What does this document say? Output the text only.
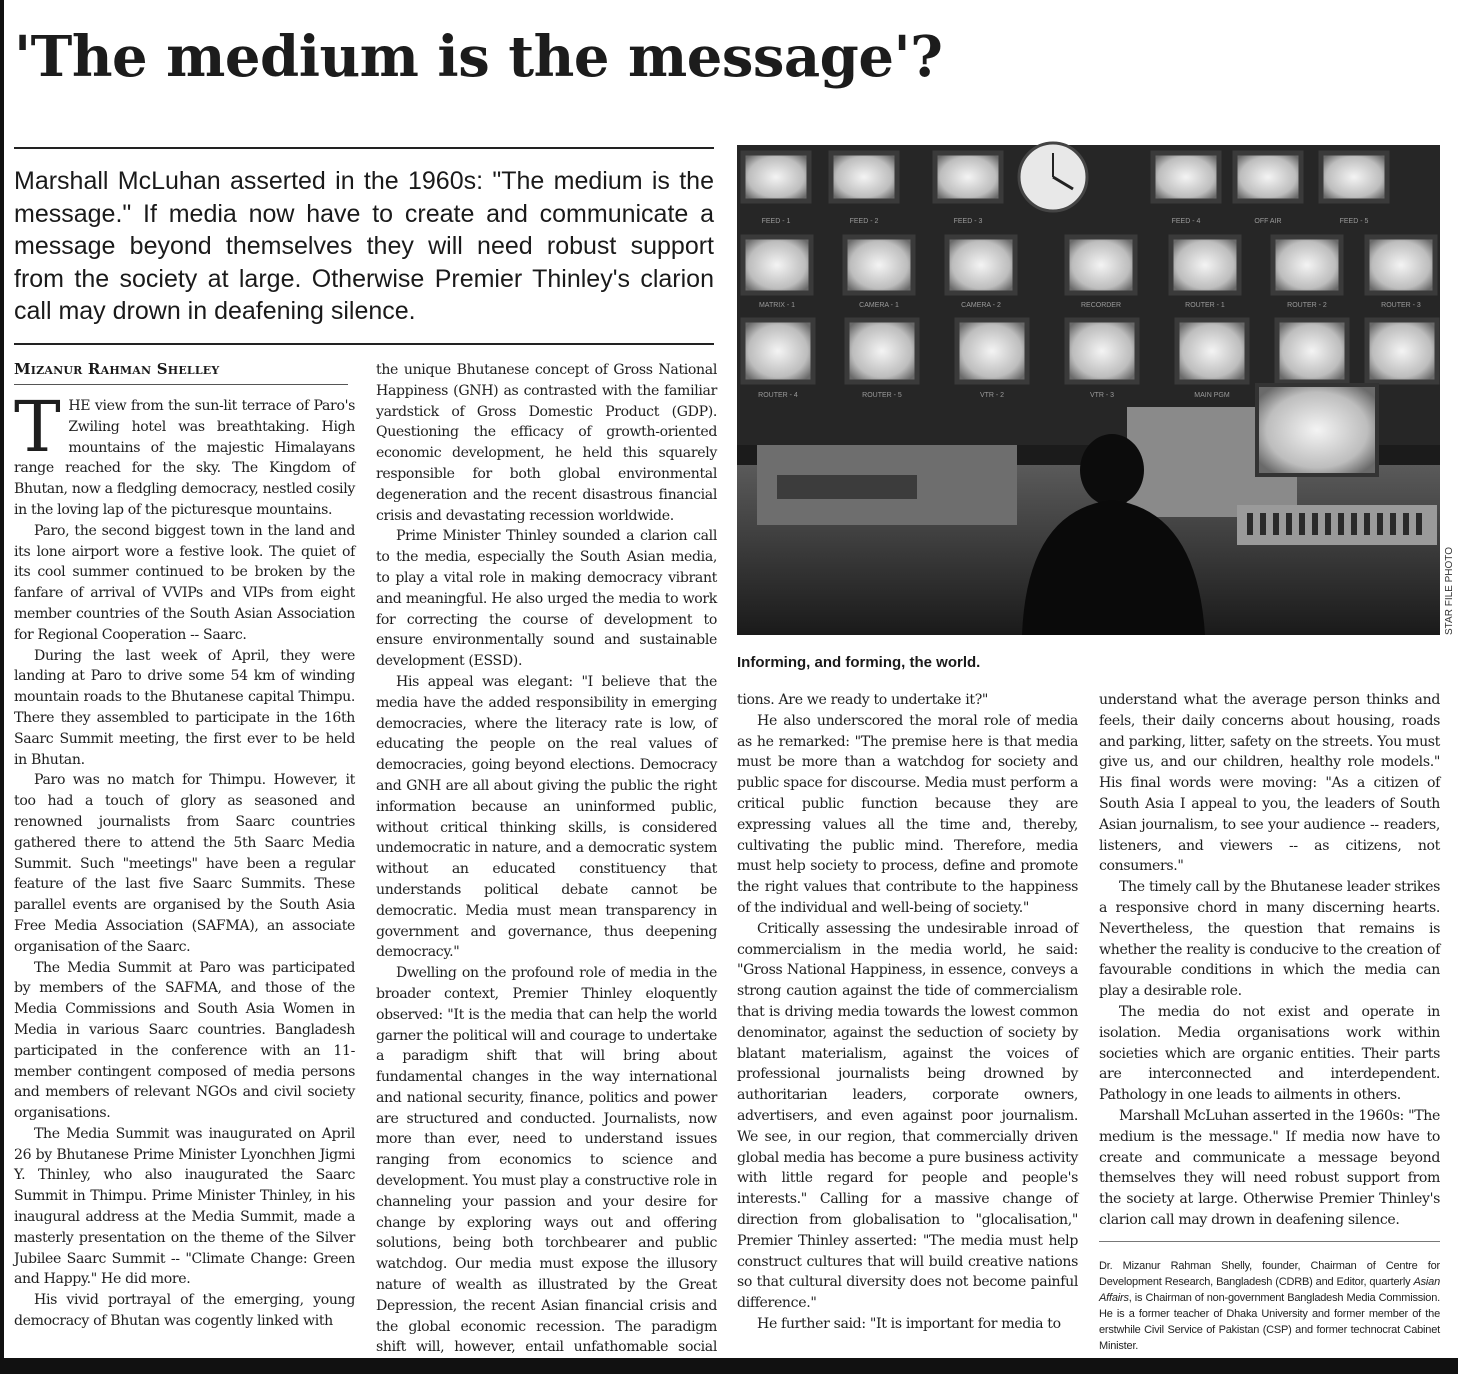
'The medium is the message'?

Marshall McLuhan asserted in the 1960s: "The medium is the message." If media now have to create and communicate a message beyond themselves they will need robust support from the society at large. Otherwise Premier Thinley's clarion call may drown in deafening silence.

FEED - 1	FEED - 2	FEED - 3	FEED - 4	OFF AIR	FEED - 5
MATRIX - 1	CAMERA - 1	CAMERA - 2	RECORDER	ROUTER - 1	ROUTER - 2	ROUTER - 3
ROUTER - 4	ROUTER - 5	VTR - 2	VTR - 3	MAIN PGM

STAR FILE PHOTO

Informing, and forming, the world.

Mizanur Rahman Shelley

THE view from the sun-lit terrace of Paro's Zwiling hotel was breathtaking. High mountains of the majestic Himalayans range reached for the sky. The Kingdom of Bhutan, now a fledgling democracy, nestled cosily in the loving lap of the picturesque mountains.

Paro, the second biggest town in the land and its lone airport wore a festive look. The quiet of its cool summer continued to be broken by the fanfare of arrival of VVIPs and VIPs from eight member countries of the South Asian Association for Regional Cooperation -- Saarc.

During the last week of April, they were landing at Paro to drive some 54 km of winding mountain roads to the Bhutanese capital Thimpu. There they assembled to participate in the 16th Saarc Summit meeting, the first ever to be held in Bhutan.

Paro was no match for Thimpu. However, it too had a touch of glory as seasoned and renowned journalists from Saarc countries gathered there to attend the 5th Saarc Media Summit. Such "meetings" have been a regular feature of the last five Saarc Summits. These parallel events are organised by the South Asia Free Media Association (SAFMA), an associate organisation of the Saarc.

The Media Summit at Paro was participated by members of the SAFMA, and those of the Media Commissions and South Asia Women in Media in various Saarc countries. Bangladesh participated in the conference with an 11-member contingent composed of media persons and members of relevant NGOs and civil society organisations.

The Media Summit was inaugurated on April 26 by Bhutanese Prime Minister Lyonchhen Jigmi Y. Thinley, who also inaugurated the Saarc Summit in Thimpu. Prime Minister Thinley, in his inaugural address at the Media Summit, made a masterly presentation on the theme of the Silver Jubilee Saarc Summit -- "Climate Change: Green and Happy." He did more.

His vivid portrayal of the emerging, young democracy of Bhutan was cogently linked with

the unique Bhutanese concept of Gross National Happiness (GNH) as contrasted with the familiar yardstick of Gross Domestic Product (GDP). Questioning the efficacy of growth-oriented economic development, he held this squarely responsible for both global environmental degeneration and the recent disastrous financial crisis and devastating recession worldwide.

Prime Minister Thinley sounded a clarion call to the media, especially the South Asian media, to play a vital role in making democracy vibrant and meaningful. He also urged the media to work for correcting the course of development to ensure environmentally sound and sustainable development (ESSD).

His appeal was elegant: "I believe that the media have the added responsibility in emerging democracies, where the literacy rate is low, of educating the people on the real values of democracies, going beyond elections. Democracy and GNH are all about giving the public the right information because an uninformed public, without critical thinking skills, is considered undemocratic in nature, and a democratic system without an educated constituency that understands political debate cannot be democratic. Media must mean transparency in government and governance, thus deepening democracy."

Dwelling on the profound role of media in the broader context, Premier Thinley eloquently observed: "It is the media that can help the world garner the political will and courage to undertake a paradigm shift that will bring about fundamental changes in the way international and national security, finance, politics and power are structured and conducted. Journalists, now more than ever, need to understand issues ranging from economics to science and development. You must play a constructive role in channeling your passion and your desire for change by exploring ways out and offering solutions, being both torchbearer and public watchdog. Our media must expose the illusory nature of wealth as illustrated by the Great Depression, the recent Asian financial crisis and the global economic recession. The paradigm shift will, however, entail unfathomable social

tions. Are we ready to undertake it?"

He also underscored the moral role of media as he remarked: "The premise here is that media must be more than a watchdog for society and public space for discourse. Media must perform a critical public function because they are expressing values all the time and, thereby, cultivating the public mind. Therefore, media must help society to process, define and promote the right values that contribute to the happiness of the individual and well-being of society."

Critically assessing the undesirable inroad of commercialism in the media world, he said: "Gross National Happiness, in essence, conveys a strong caution against the tide of commercialism that is driving media towards the lowest common denominator, against the seduction of society by blatant materialism, against the voices of professional journalists being drowned by authoritarian leaders, corporate owners, advertisers, and even against poor journalism. We see, in our region, that commercially driven global media has become a pure business activity with little regard for people and people's interests." Calling for a massive change of direction from globalisation to "glocalisation," Premier Thinley asserted: "The media must help construct cultures that will build creative nations so that cultural diversity does not become painful difference."

He further said: "It is important for media to

understand what the average person thinks and feels, their daily concerns about housing, roads and parking, litter, safety on the streets. You must give us, and our children, healthy role models." His final words were moving: "As a citizen of South Asia I appeal to you, the leaders of South Asian journalism, to see your audience -- readers, listeners, and viewers -- as citizens, not consumers."

The timely call by the Bhutanese leader strikes a responsive chord in many discerning hearts. Nevertheless, the question that remains is whether the reality is conducive to the creation of favourable conditions in which the media can play a desirable role.

The media do not exist and operate in isolation. Media organisations work within societies which are organic entities. Their parts are interconnected and interdependent. Pathology in one leads to ailments in others.

Marshall McLuhan asserted in the 1960s: "The medium is the message." If media now have to create and communicate a message beyond themselves they will need robust support from the society at large. Otherwise Premier Thinley's clarion call may drown in deafening silence.

Dr. Mizanur Rahman Shelly, founder, Chairman of Centre for Development Research, Bangladesh (CDRB) and Editor, quarterly Asian Affairs, is Chairman of non-government Bangladesh Media Commission. He is a former teacher of Dhaka University and former member of the erstwhile Civil Service of Pakistan (CSP) and former technocrat Cabinet Minister.
